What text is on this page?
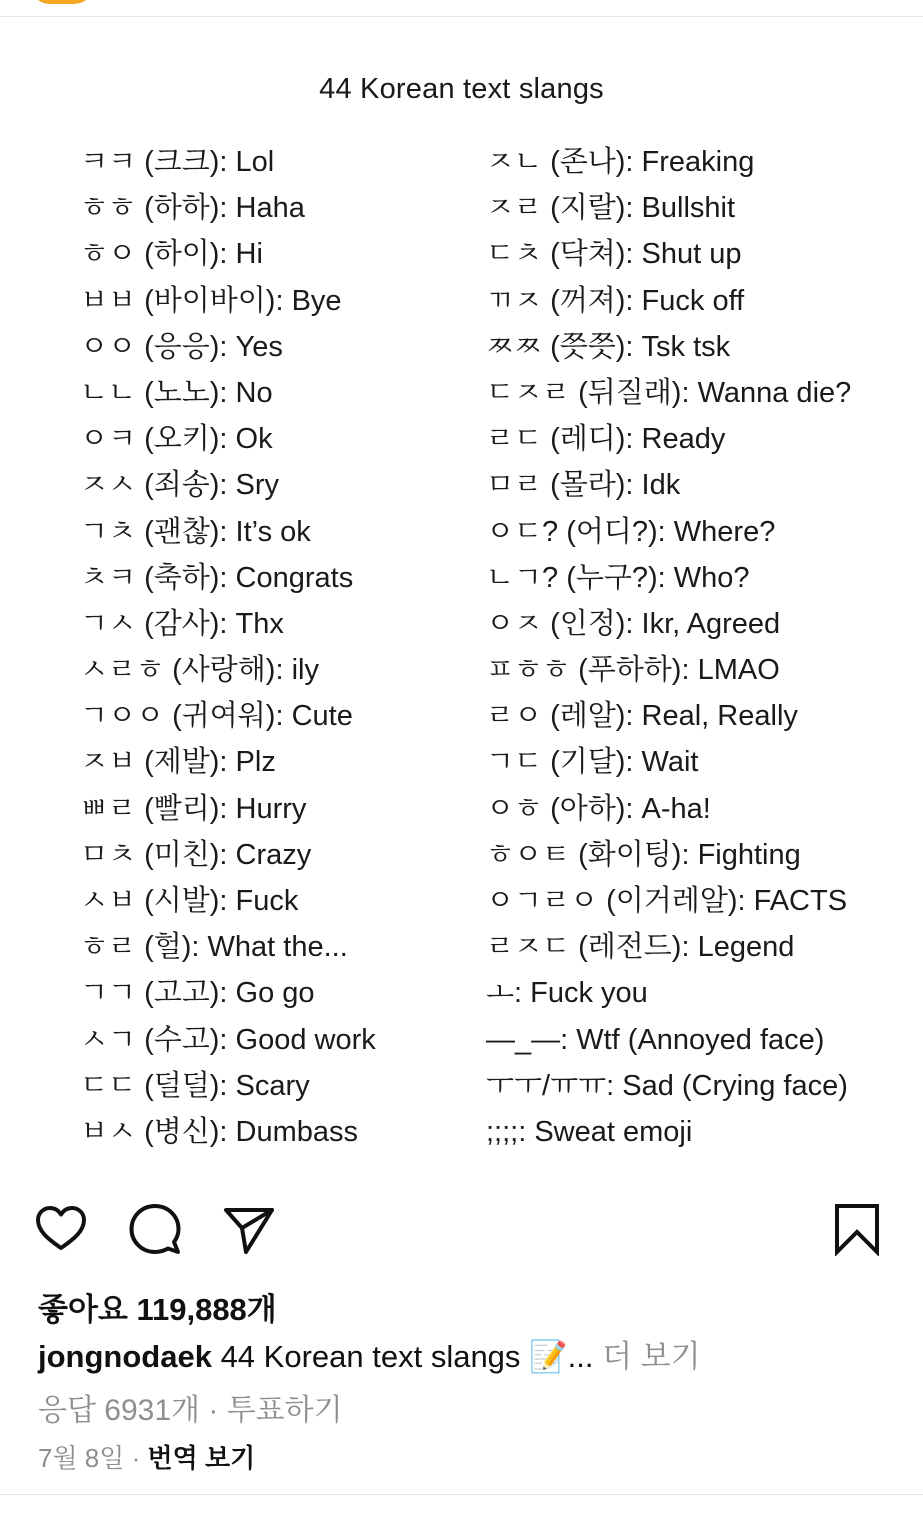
44 Korean text slangs
ㅋㅋ (크크): Lol
ㅎㅎ (하하): Haha
ㅎㅇ (하이): Hi
ㅂㅂ (바이바이): Bye
ㅇㅇ (응응): Yes
ㄴㄴ (노노): No
ㅇㅋ (오키): Ok
ㅈㅅ (죄송): Sry
ㄱㅊ (괜찮): It’s ok
ㅊㅋ (축하): Congrats
ㄱㅅ (감사): Thx
ㅅㄹㅎ (사랑해): ily
ㄱㅇㅇ (귀여워): Cute
ㅈㅂ (제발): Plz
ㅃㄹ (빨리): Hurry
ㅁㅊ (미친): Crazy
ㅅㅂ (시발): Fuck
ㅎㄹ (헐): What the...
ㄱㄱ (고고): Go go
ㅅㄱ (수고): Good work
ㄷㄷ (덜덜): Scary
ㅂㅅ (병신): Dumbass
ㅈㄴ (존나): Freaking
ㅈㄹ (지랄): Bullshit
ㄷㅊ (닥쳐): Shut up
ㄲㅈ (꺼져): Fuck off
ㅉㅉ (쯧쯧): Tsk tsk
ㄷㅈㄹ (뒤질래): Wanna die?
ㄹㄷ (레디): Ready
ㅁㄹ (몰라): Idk
ㅇㄷ? (어디?): Where?
ㄴㄱ? (누구?): Who?
ㅇㅈ (인정): Ikr, Agreed
ㅍㅎㅎ (푸하하): LMAO
ㄹㅇ (레알): Real, Really
ㄱㄷ (기달): Wait
ㅇㅎ (아하): A-ha!
ㅎㅇㅌ (화이팅): Fighting
ㅇㄱㄹㅇ (이거레알): FACTS
ㄹㅈㄷ (레전드): Legend
ㅗ: Fuck you
—_—: Wtf (Annoyed face)
ㅜㅜ/ㅠㅠ: Sad (Crying face)
;;;;: Sweat emoji
좋아요 119,888개
jongnodaek 44 Korean text slangs 📝... 더 보기
응답 6931개 · 투표하기
7월 8일 · 번역 보기
